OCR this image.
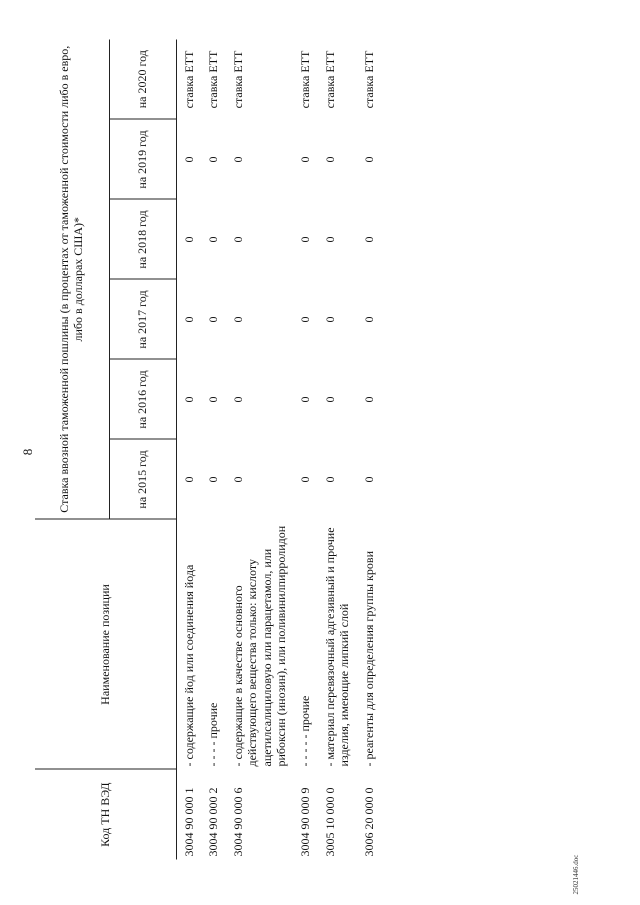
8
Код ТН ВЭД	Наименование позиции	Ставка ввозной таможенной пошлины (в процентах от таможенной стоимости либо в евро, либо в долларах США)*					
		на 2015 год	на 2016 год	на 2017 год	на 2018 год	на 2019 год	на 2020 год
3004 90 000 1	- содержащие йод или соединения йода	0	0	0	0	0	ставка ЕТТ
3004 90 000 2	- - - - прочие	0	0	0	0	0	ставка ЕТТ
3004 90 000 6	- содержащие в качестве основного действующего вещества только: кислоту ацетилсалициловую или парацетамол, или рибоксин (инозин), или поливинилпирролидон	0	0	0	0	0	ставка ЕТТ
3004 90 000 9	- - - - - прочие	0	0	0	0	0	ставка ЕТТ
3005 10 000 0	- материал перевязочный адгезивный и прочие изделия, имеющие липкий слой	0	0	0	0	0	ставка ЕТТ
3006 20 000 0	- реагенты для определения группы крови	0	0	0	0	0	ставка ЕТТ
25021446.doc
